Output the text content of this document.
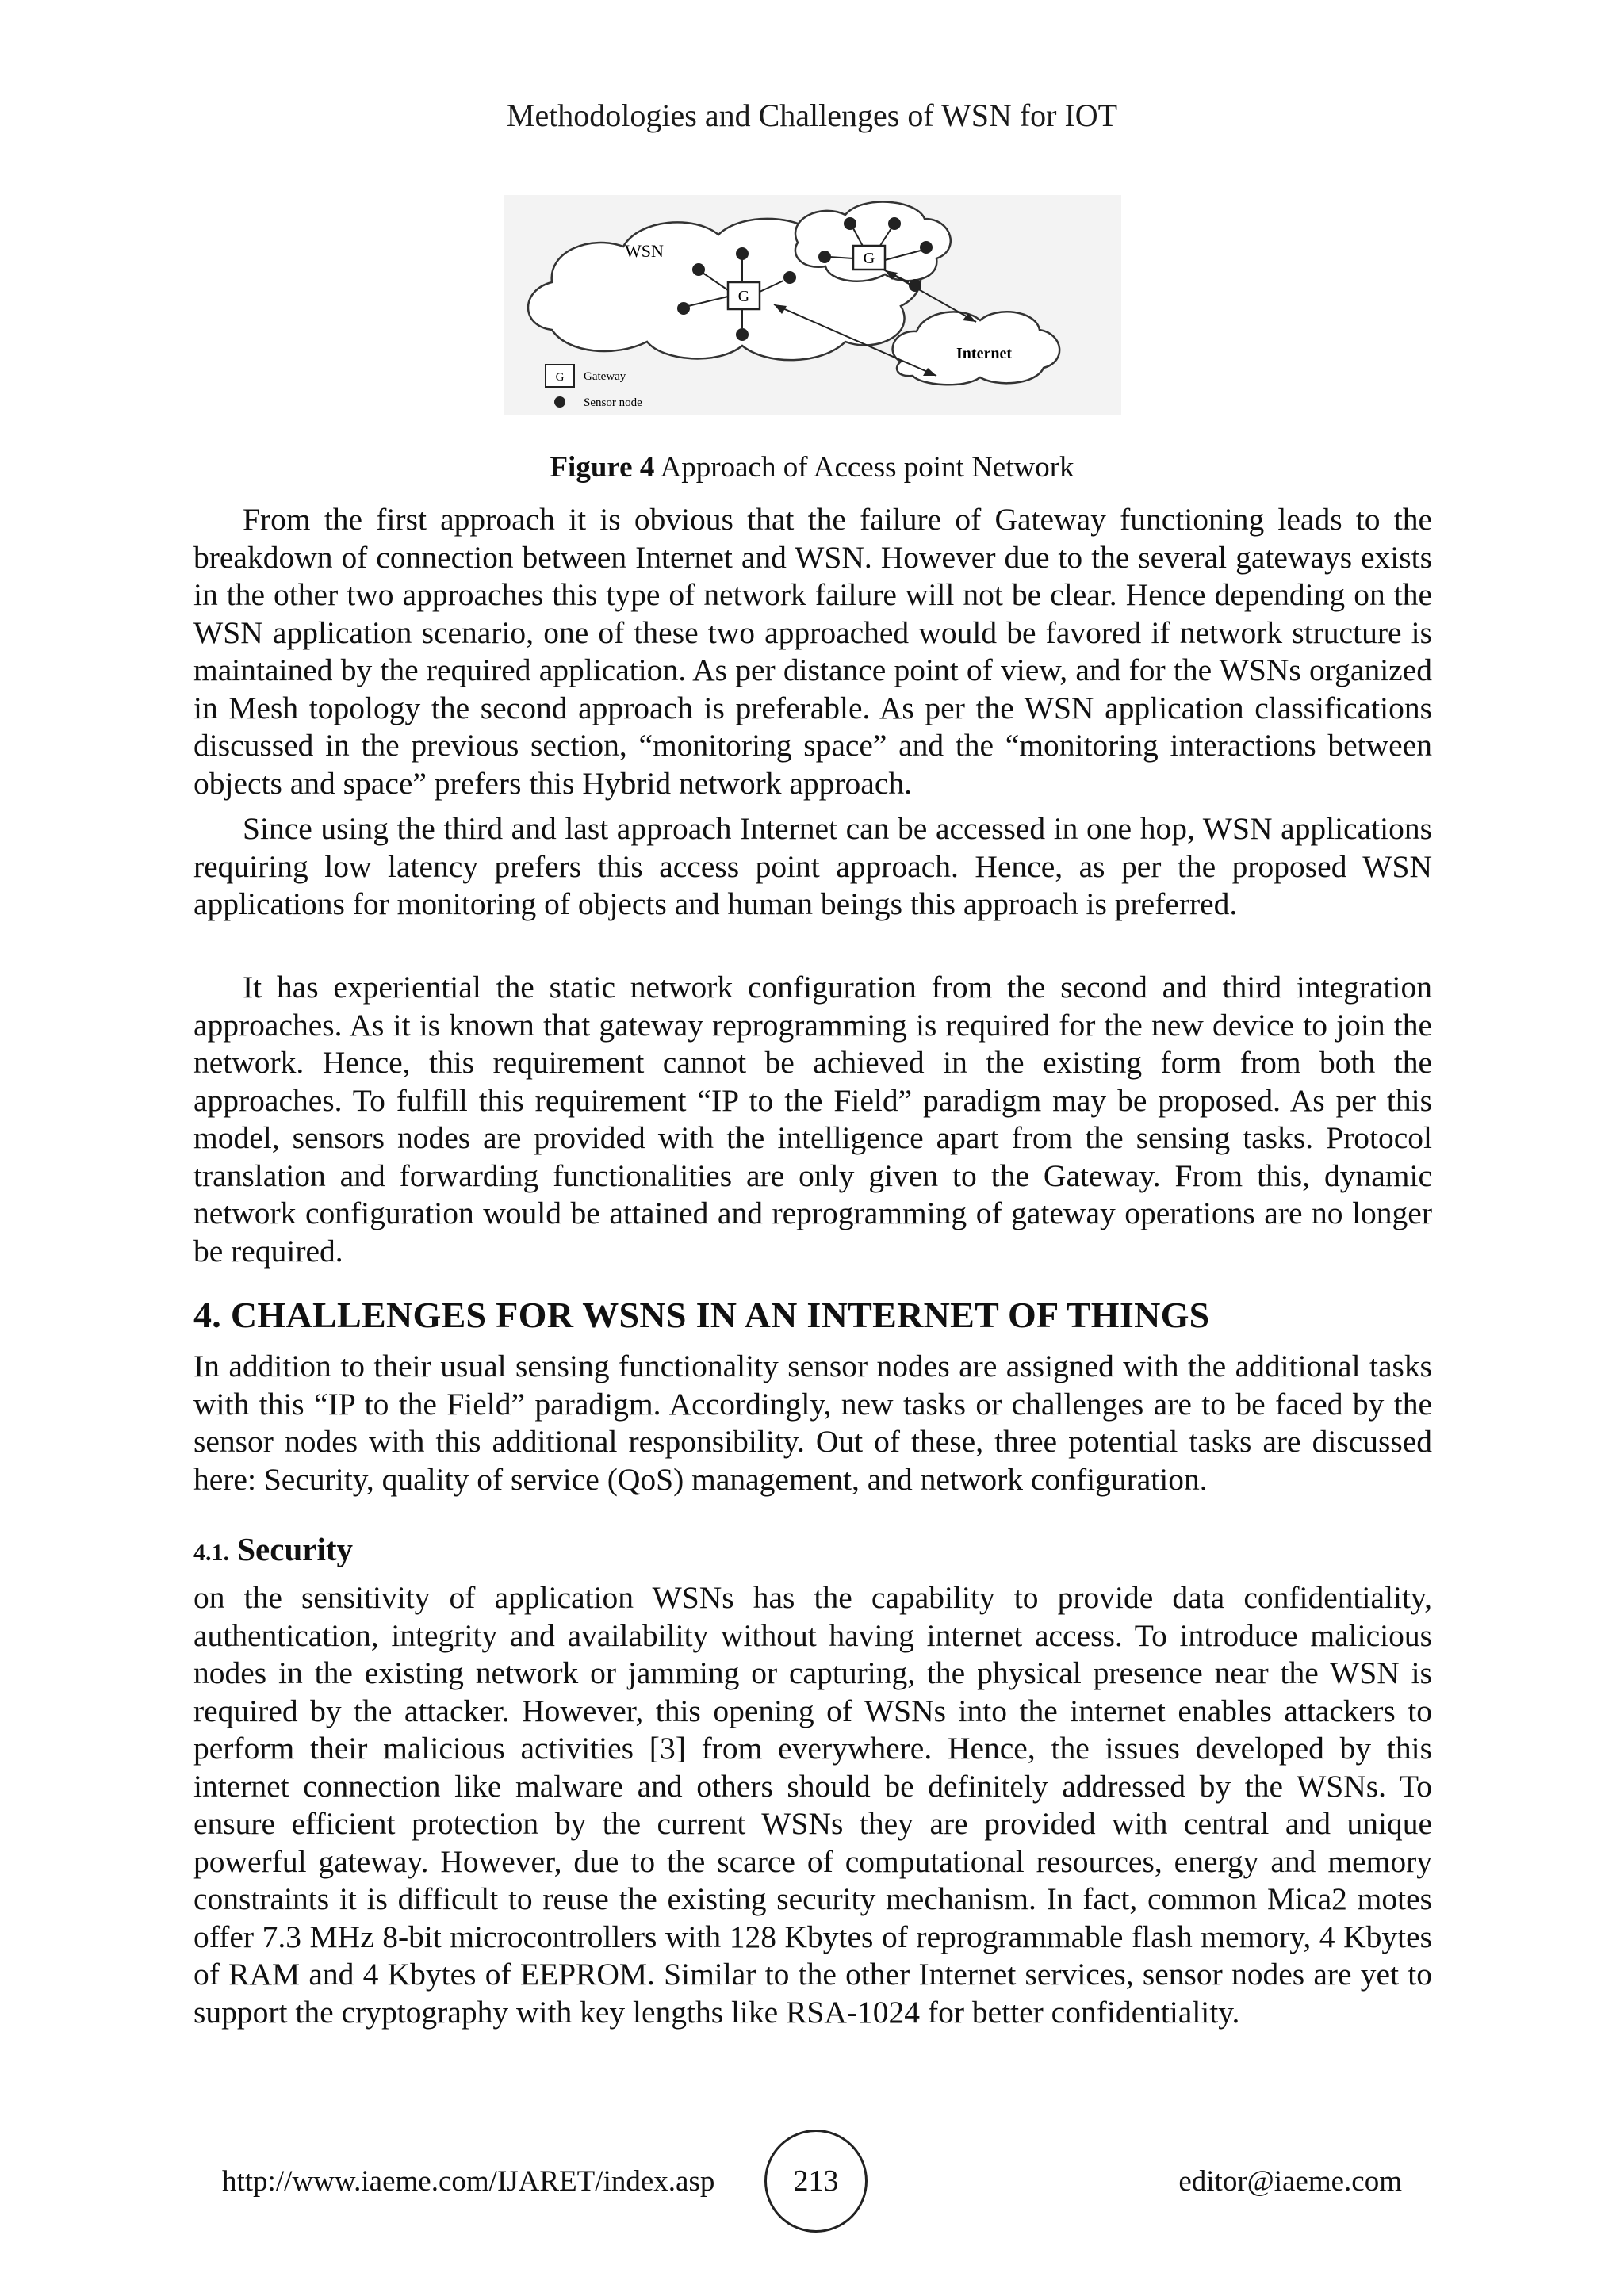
Methodologies and Challenges of WSN for IOT
G
G
WSN
Internet
G Gateway
Sensor node
Figure 4 Approach of Access point Network

From the first approach it is obvious that the failure of Gateway functioning leads to the breakdown of connection between Internet and WSN. However due to the several gateways exists in the other two approaches this type of network failure will not be clear. Hence depending on the WSN application scenario, one of these two approached would be favored if network structure is maintained by the required application. As per distance point of view, and for the WSNs organized in Mesh topology the second approach is preferable. As per the WSN application classifications discussed in the previous section, “monitoring space” and the “monitoring interactions between objects and space” prefers this Hybrid network approach.

Since using the third and last approach Internet can be accessed in one hop, WSN applications requiring low latency prefers this access point approach. Hence, as per the proposed WSN applications for monitoring of objects and human beings this approach is preferred.

It has experiential the static network configuration from the second and third integration approaches. As it is known that gateway reprogramming is required for the new device to join the network. Hence, this requirement cannot be achieved in the existing form from both the approaches. To fulfill this requirement “IP to the Field” paradigm may be proposed. As per this model, sensors nodes are provided with the intelligence apart from the sensing tasks. Protocol translation and forwarding functionalities are only given to the Gateway. From this, dynamic network configuration would be attained and reprogramming of gateway operations are no longer be required.

4. CHALLENGES FOR WSNS IN AN INTERNET OF THINGS

In addition to their usual sensing functionality sensor nodes are assigned with the additional tasks with this “IP to the Field” paradigm. Accordingly, new tasks or challenges are to be faced by the sensor nodes with this additional responsibility. Out of these, three potential tasks are discussed here: Security, quality of service (QoS) management, and network configuration.

4.1. Security

on the sensitivity of application WSNs has the capability to provide data confidentiality, authentication, integrity and availability without having internet access. To introduce malicious nodes in the existing network or jamming or capturing, the physical presence near the WSN is required by the attacker. However, this opening of WSNs into the internet enables attackers to perform their malicious activities [3] from everywhere. Hence, the issues developed by this internet connection like malware and others should be definitely addressed by the WSNs. To ensure efficient protection by the current WSNs they are provided with central and unique powerful gateway. However, due to the scarce of computational resources, energy and memory constraints it is difficult to reuse the existing security mechanism. In fact, common Mica2 motes offer 7.3 MHz 8-bit microcontrollers with 128 Kbytes of reprogrammable flash memory, 4 Kbytes of RAM and 4 Kbytes of EEPROM. Similar to the other Internet services, sensor nodes are yet to support the cryptography with key lengths like RSA-1024 for better confidentiality.

http://www.iaeme.com/IJARET/index.asp	213	editor@iaeme.com
